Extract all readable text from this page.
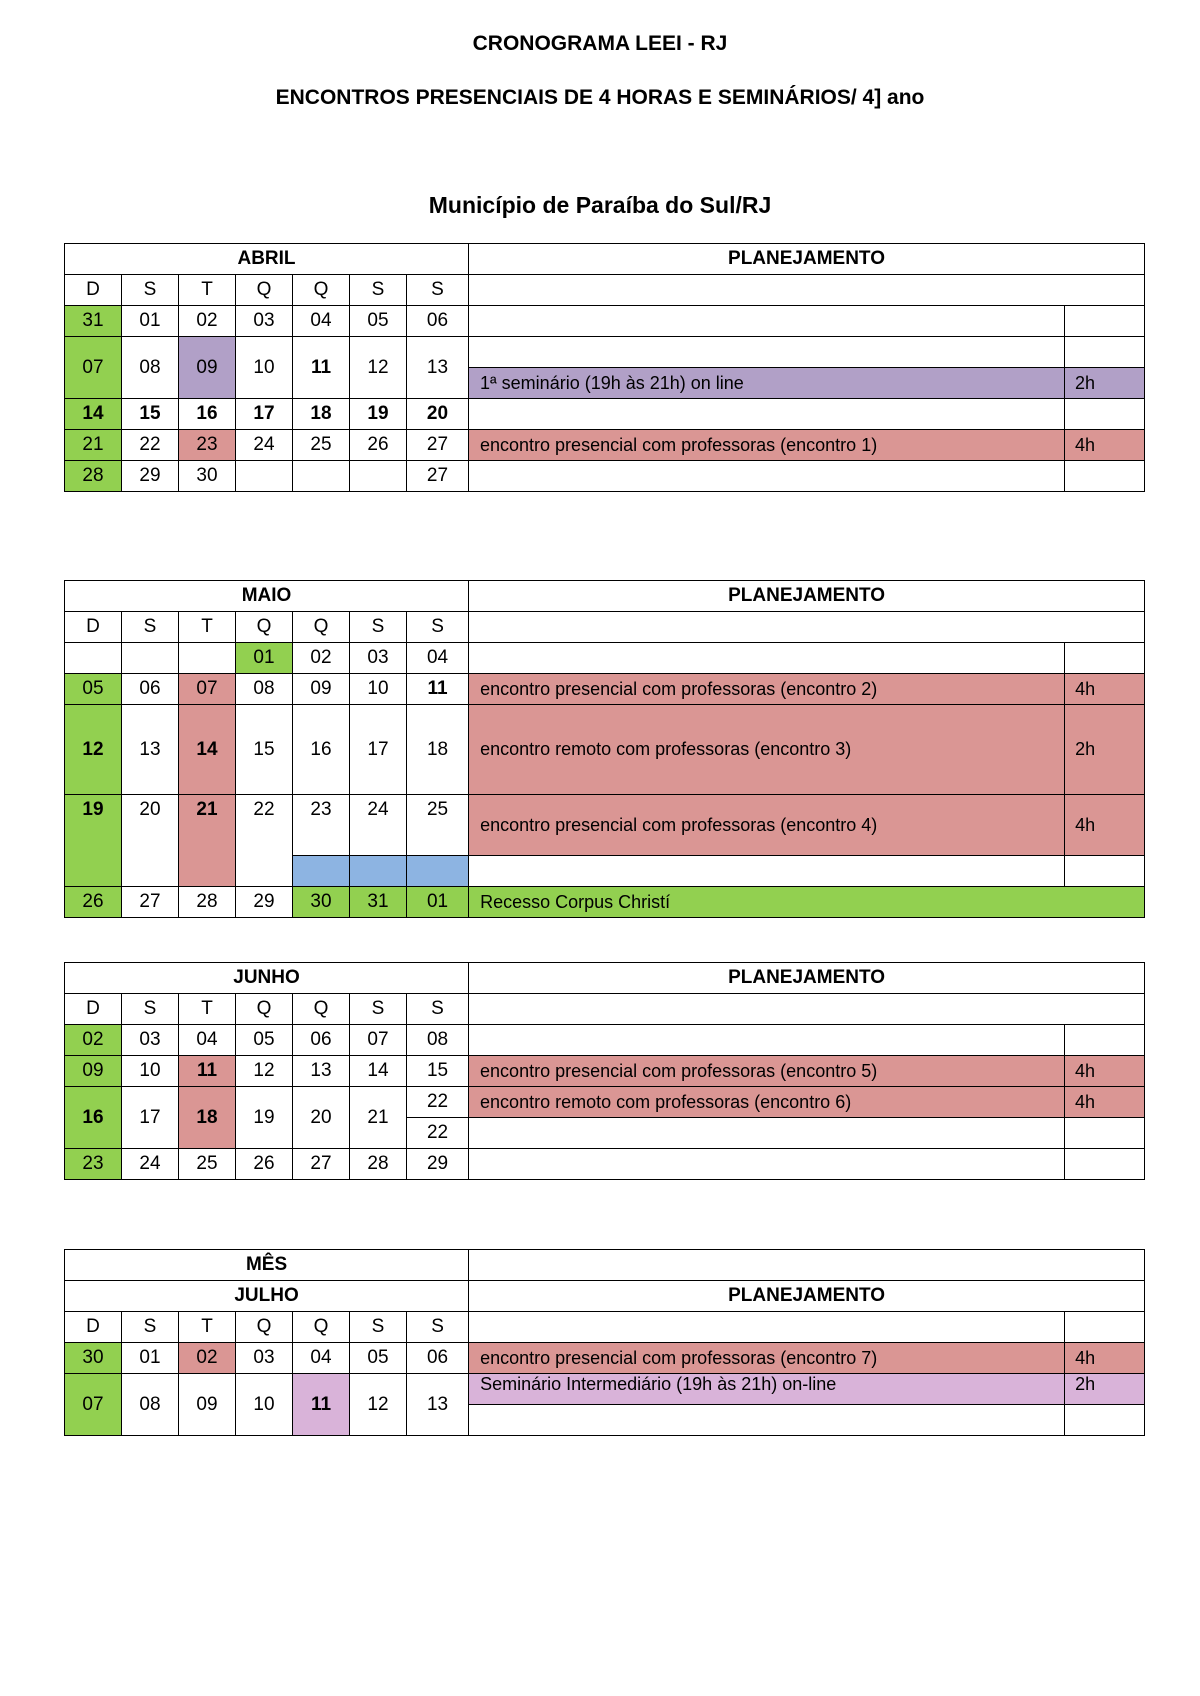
CRONOGRAMA LEEI - RJ
ENCONTROS PRESENCIAIS DE 4 HORAS E SEMINÁRIOS/ 4] ano
Município de Paraíba do Sul/RJ
ABRIL							PLANEJAMENTO	
D	S	T	Q	Q	S	S		
31	01	02	03	04	05	06		
07	08	09	10	11	12	13		
							1ª seminário (19h às 21h) on line	2h
14	15	16	17	18	19	20		
21	22	23	24	25	26	27	encontro presencial com professoras (encontro 1)	4h
28	29	30				27		
MAIO							PLANEJAMENTO	
D	S	T	Q	Q	S	S		
			01	02	03	04		
05	06	07	08	09	10	11	encontro presencial com professoras (encontro 2)	4h
12	13	14	15	16	17	18	encontro remoto com professoras (encontro 3)	2h
19	20	21	22	23	24	25	encontro presencial com professoras (encontro 4)	4h

26	27	28	29	30	31	01	Recesso Corpus Christí	
JUNHO							PLANEJAMENTO	
D	S	T	Q	Q	S	S		
02	03	04	05	06	07	08		
09	10	11	12	13	14	15	encontro presencial com professoras (encontro 5)	4h
16	17	18	19	20	21	22	encontro remoto com professoras (encontro 6)	4h
						22		
23	24	25	26	27	28	29		
MÊS								
JULHO							PLANEJAMENTO	
D	S	T	Q	Q	S	S		
30	01	02	03	04	05	06	encontro presencial com professoras (encontro 7)	4h
07	08	09	10	11	12	13	Seminário Intermediário (19h às 21h) on-line	2h
